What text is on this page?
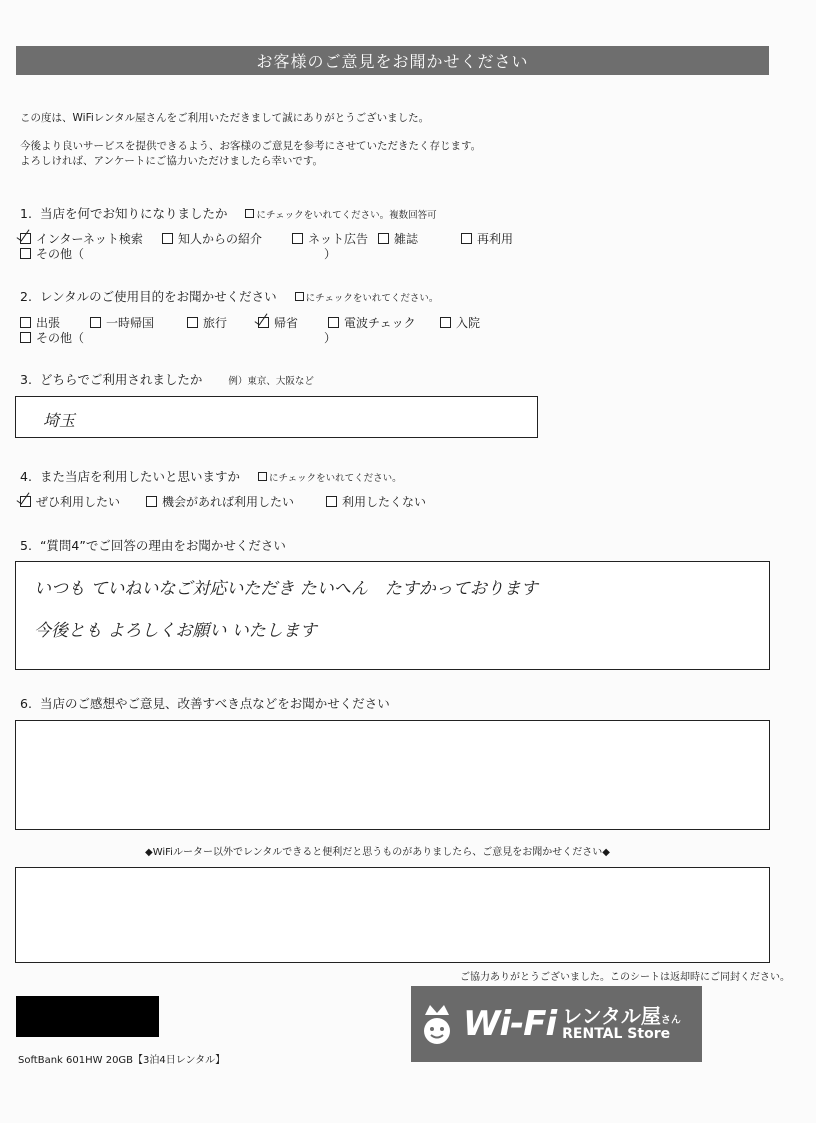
お客様のご意見をお聞かせください
この度は、WiFiレンタル屋さんをご利用いただきまして誠にありがとうございました。
今後より良いサービスを提供できるよう、お客様のご意見を参考にさせていただきたく存じます。
よろしければ、アンケートにご協力いただけましたら幸いです。
1. 当店を何でお知りになりましたか	にチェックをいれてください。複数回答可
インターネット検索	知人からの紹介	ネット広告 雑誌	再利用
その他（　　　　　　　　　　　　　　　　　　　　）
2. レンタルのご使用目的をお聞かせください	にチェックをいれてください。
出張	一時帰国	旅行	帰省	電波チェック	入院
その他（　　　　　　　　　　　　　　　　　　　　）
3. どちらでご利用されましたか	例）東京、大阪など
埼玉
4. また当店を利用したいと思いますか	にチェックをいれてください。
ぜひ利用したい	機会があれば利用したい	利用したくない
5. “質問4”でご回答の理由をお聞かせください
いつも ていねいなご対応いただき たいへん　たすかっております
今後とも よろしくお願い いたします
6. 当店のご感想やご意見、改善すべき点などをお聞かせください
◆WiFiルーター以外でレンタルできると便利だと思うものがありましたら、ご意見をお聞かせください◆
ご協力ありがとうございました。このシートは返却時にご同封ください。
SoftBank 601HW 20GB【3泊4日レンタル】
Wi-Fi レンタル屋さん
RENTAL Store
